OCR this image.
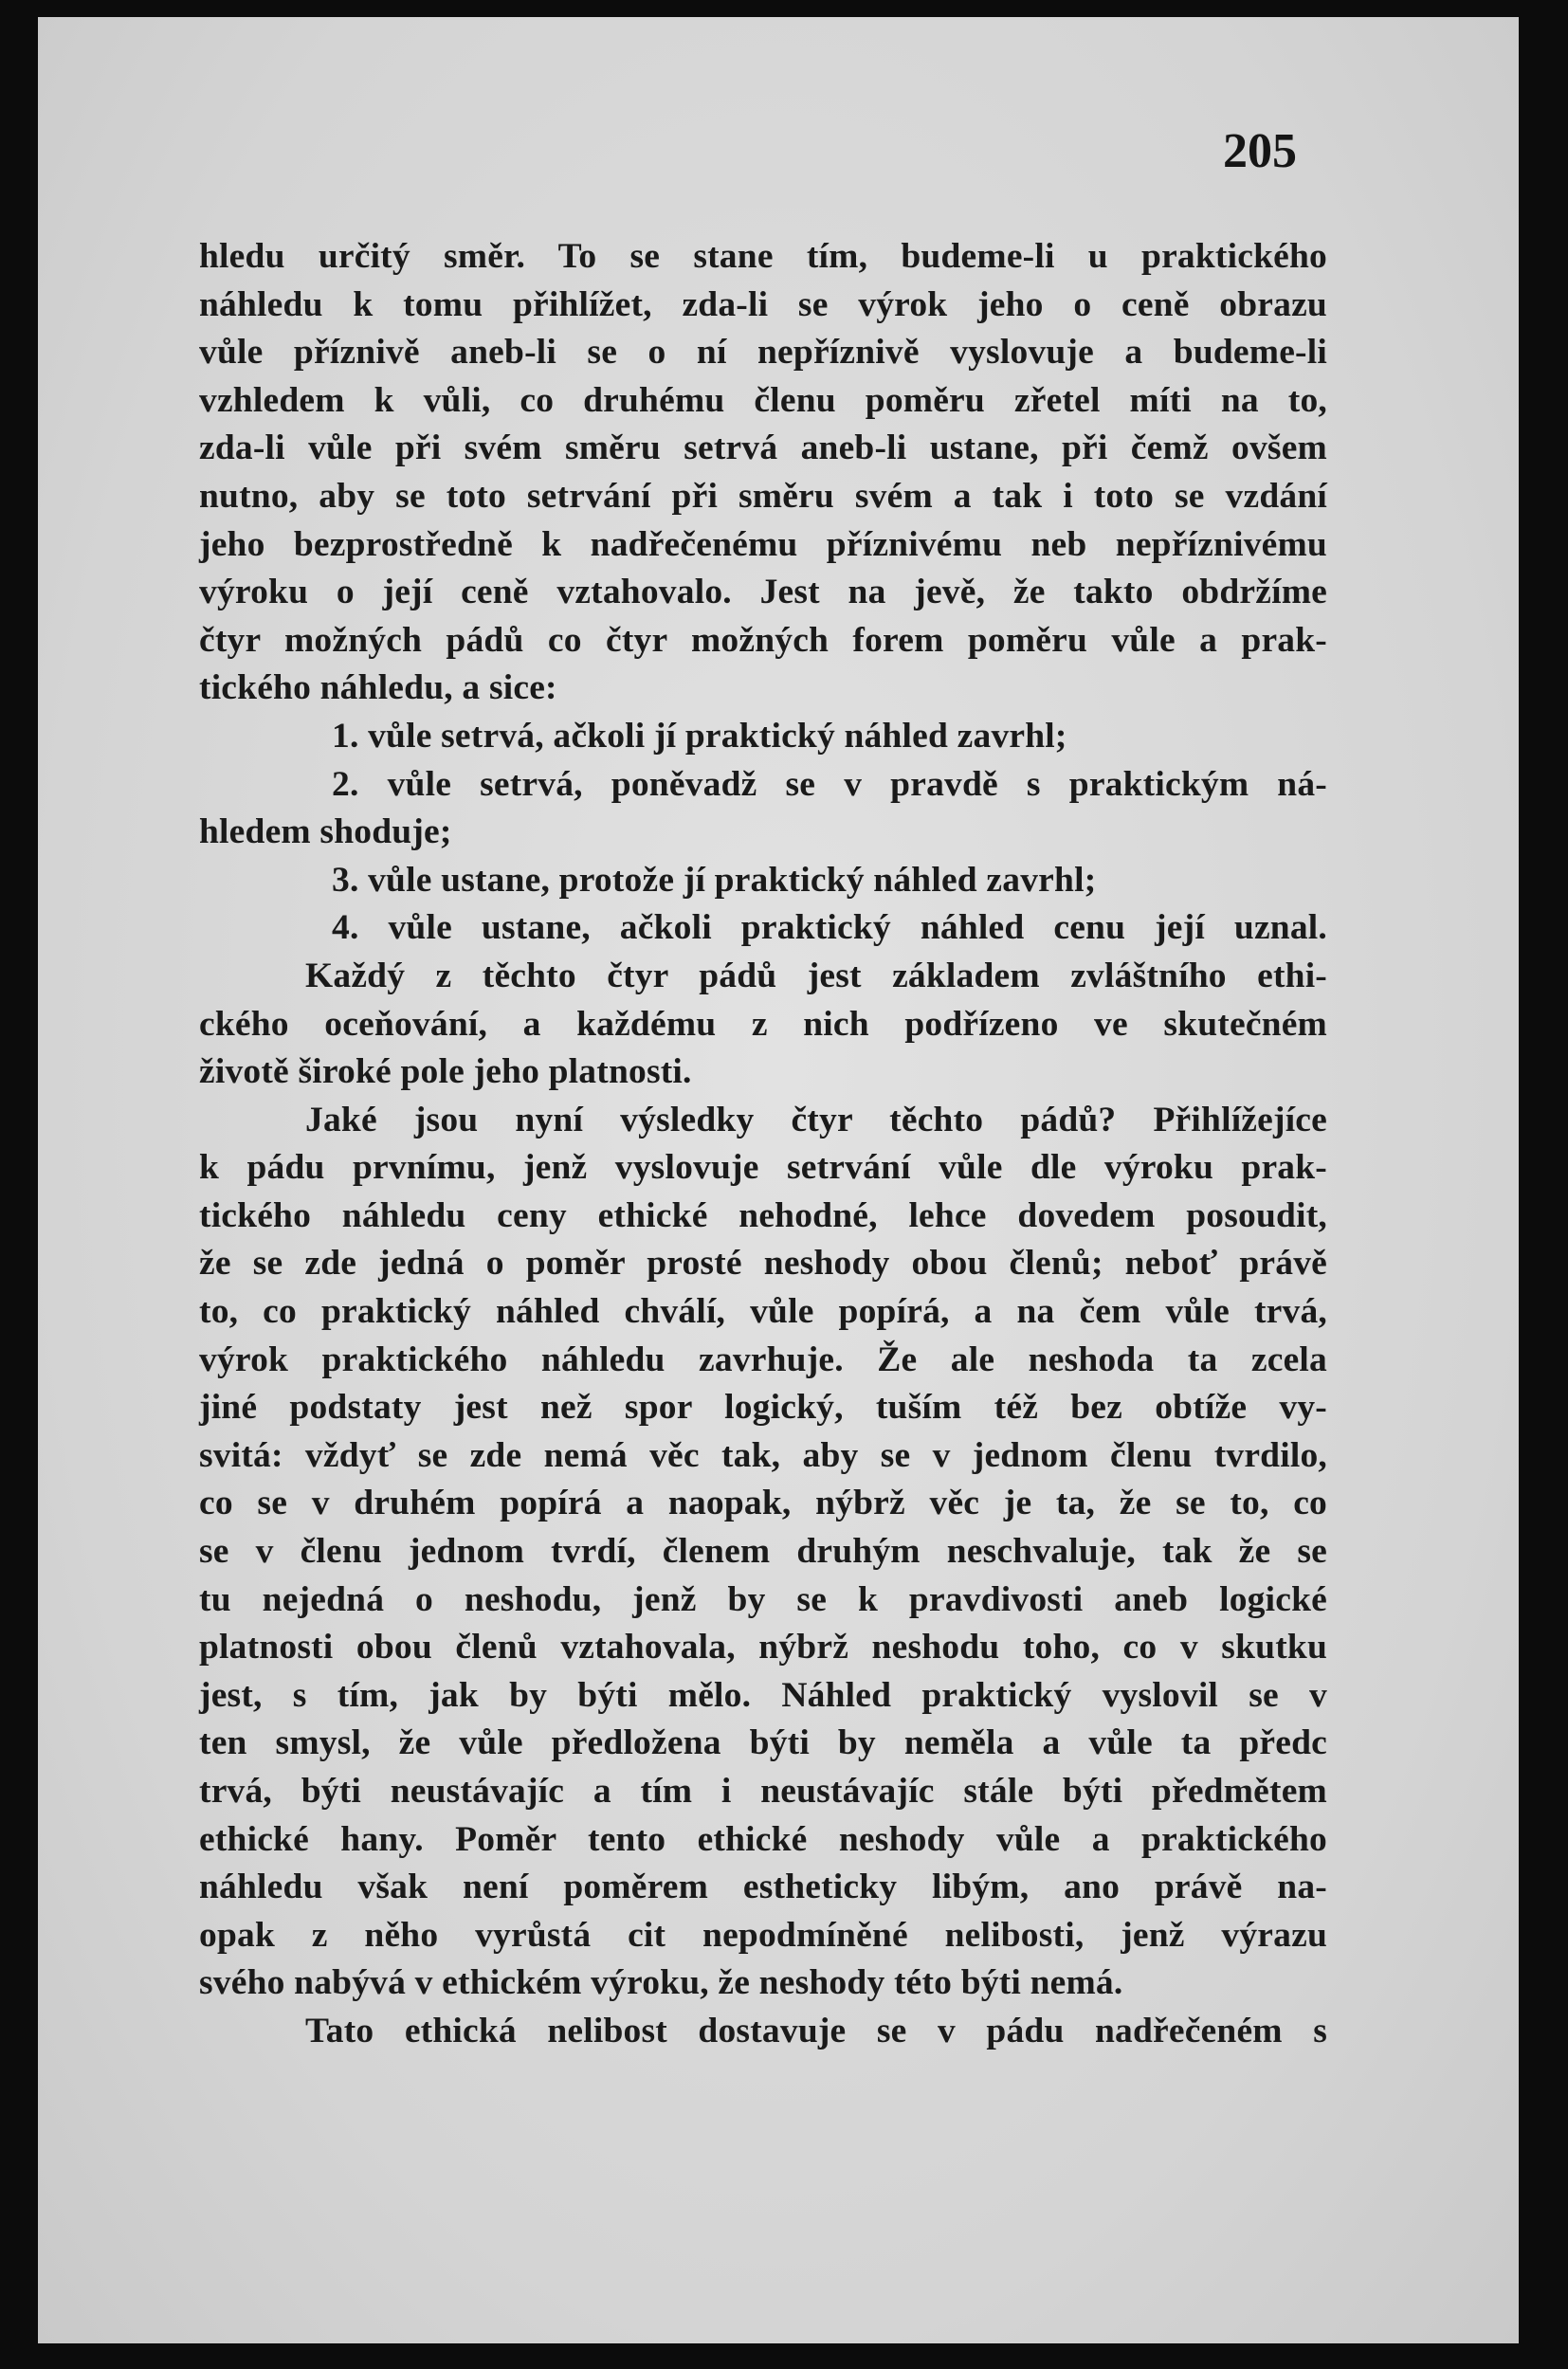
205
hledu určitý směr. To se stane tím, budeme-li u praktického
náhledu k tomu přihlížet, zda-li se výrok jeho o ceně obrazu
vůle příznivě aneb-li se o ní nepříznivě vyslovuje a budeme-li
vzhledem k vůli, co druhému členu poměru zřetel míti na to,
zda-li vůle při svém směru setrvá aneb-li ustane, při čemž ovšem
nutno, aby se toto setrvání při směru svém a tak i toto se vzdání
jeho bezprostředně k nadřečenému příznivému neb nepříznivému
výroku o její ceně vztahovalo. Jest na jevě, že takto obdržíme
čtyr možných pádů co čtyr možných forem poměru vůle a prak-
tického náhledu, a sice:
1. vůle setrvá, ačkoli jí praktický náhled zavrhl;
2. vůle setrvá, poněvadž se v pravdě s praktickým ná-
hledem shoduje;
3. vůle ustane, protože jí praktický náhled zavrhl;
4. vůle ustane, ačkoli praktický náhled cenu její uznal.
Každý z těchto čtyr pádů jest základem zvláštního ethi-
ckého oceňování, a každému z nich podřízeno ve skutečném
životě široké pole jeho platnosti.
Jaké jsou nyní výsledky čtyr těchto pádů? Přihlížejíce
k pádu prvnímu, jenž vyslovuje setrvání vůle dle výroku prak-
tického náhledu ceny ethické nehodné, lehce dovedem posoudit,
že se zde jedná o poměr prosté neshody obou členů; neboť právě
to, co praktický náhled chválí, vůle popírá, a na čem vůle trvá,
výrok praktického náhledu zavrhuje. Že ale neshoda ta zcela
jiné podstaty jest než spor logický, tuším též bez obtíže vy-
svitá: vždyť se zde nemá věc tak, aby se v jednom členu tvrdilo,
co se v druhém popírá a naopak, nýbrž věc je ta, že se to, co
se v členu jednom tvrdí, členem druhým neschvaluje, tak že se
tu nejedná o neshodu, jenž by se k pravdivosti aneb logické
platnosti obou členů vztahovala, nýbrž neshodu toho, co v skutku
jest, s tím, jak by býti mělo. Náhled praktický vyslovil se v
ten smysl, že vůle předložena býti by neměla a vůle ta předc
trvá, býti neustávajíc a tím i neustávajíc stále býti předmětem
ethické hany. Poměr tento ethické neshody vůle a praktického
náhledu však není poměrem estheticky libým, ano právě na-
opak z něho vyrůstá cit nepodmíněné nelibosti, jenž výrazu
svého nabývá v ethickém výroku, že neshody této býti nemá.
Tato ethická nelibost dostavuje se v pádu nadřečeném s
